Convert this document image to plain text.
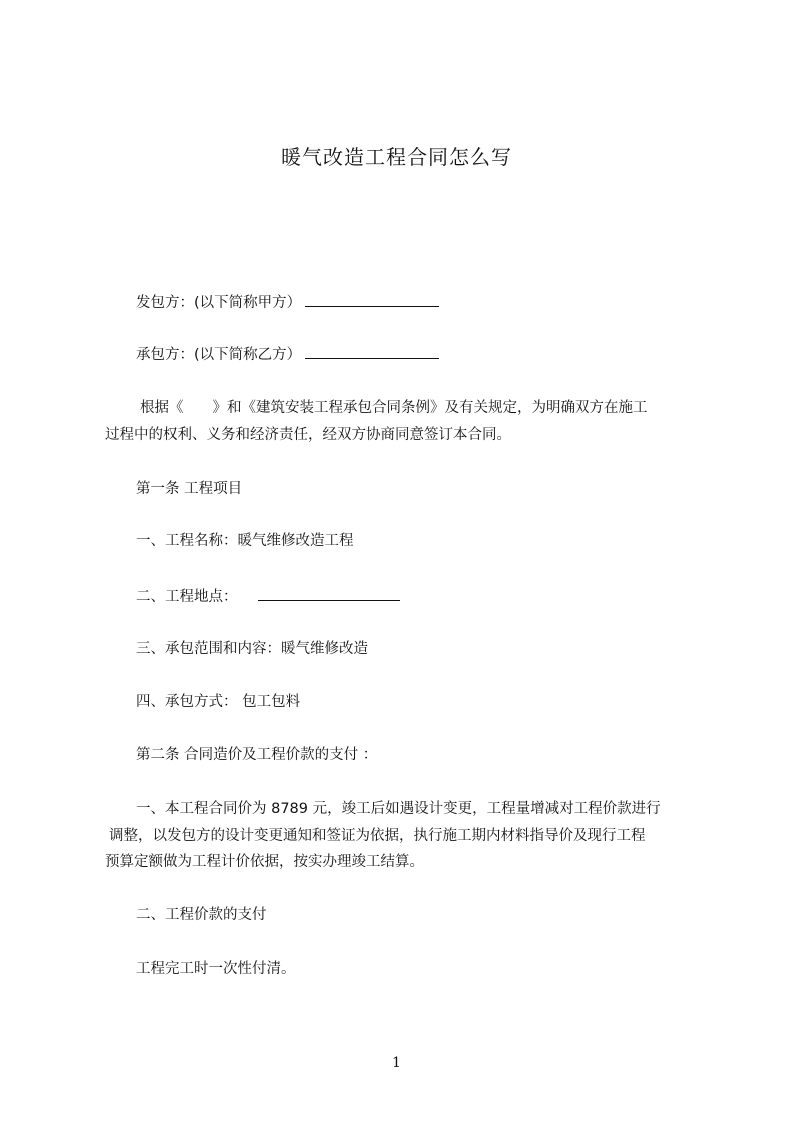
暖气改造工程合同怎么写
发包方：(以下简称甲方）
承包方：(以下简称乙方）
根据《　　》和《建筑安装工程承包合同条例》及有关规定，为明确双方在施工
过程中的权利、义务和经济责任，经双方协商同意签订本合同。
第一条 工程项目
一、工程名称：暖气维修改造工程
二、工程地点：
三、承包范围和内容：暖气维修改造
四、承包方式： 包工包料
第二条 合同造价及工程价款的支付 ：
一、本工程合同价为 8789 元，竣工后如遇设计变更，工程量增减对工程价款进行
调整，以发包方的设计变更通知和签证为依据，执行施工期内材料指导价及现行工程
预算定额做为工程计价依据，按实办理竣工结算。
二、工程价款的支付
工程完工时一次性付清。
1
